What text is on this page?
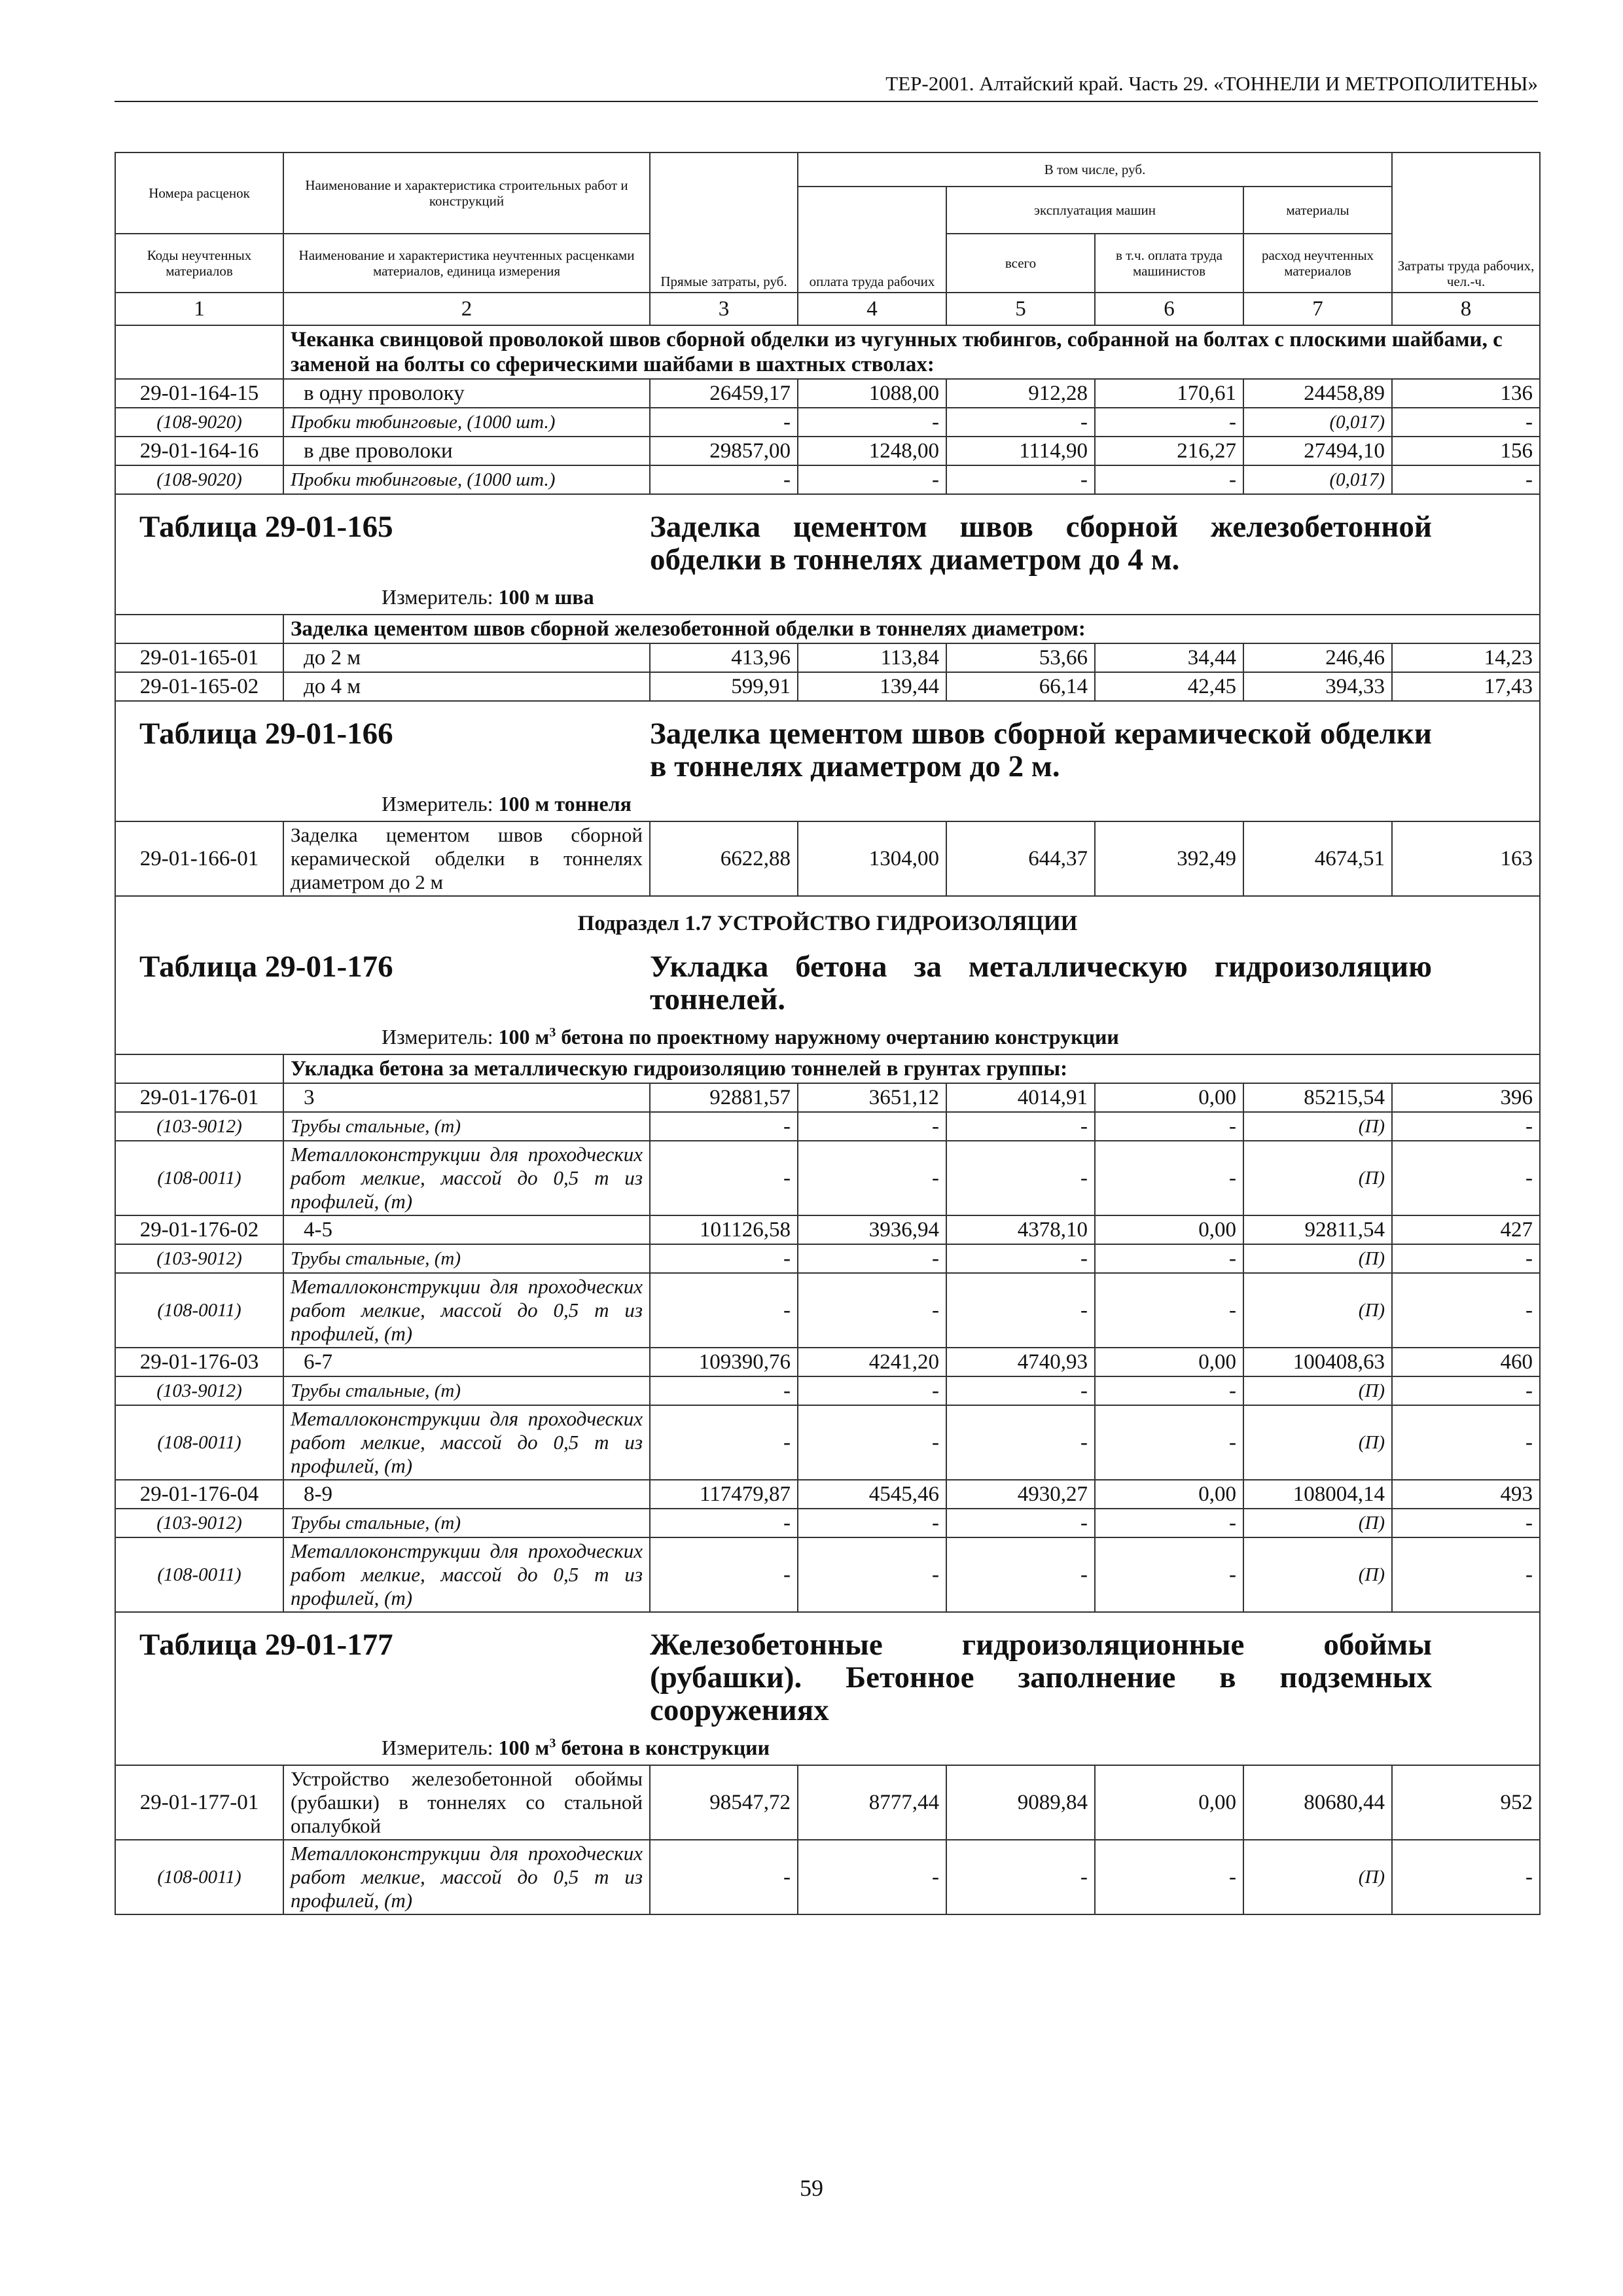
ТЕР-2001. Алтайский край. Часть 29. «ТОННЕЛИ И МЕТРОПОЛИТЕНЫ»
Номера расценок	Наименование и характеристика строительных работ и конструкций	Прямые затраты, руб.	В том числе, руб.				Затраты труда рабочих, чел.-ч.
			оплата труда рабочих	эксплуатация машин		материалы	
Коды неучтенных материалов	Наименование и характеристика неучтенных расценками материалов, единица измерения			всего	в т.ч. оплата труда машинистов	расход неучтенных материалов	
1	2	3	4	5	6	7	8
	Чеканка свинцовой проволокой швов сборной обделки из чугунных тюбингов, собранной на болтах с плоскими шайбами, с заменой на болты со сферическими шайбами в шахтных стволах:						
29-01-164-15	в одну проволоку	26459,17	1088,00	912,28	170,61	24458,89	136
(108-9020)	Пробки тюбинговые, (1000 шт.)	-	-	-	-	(0,017)	-
29-01-164-16	в две проволоки	29857,00	1248,00	1114,90	216,27	27494,10	156
(108-9020)	Пробки тюбинговые, (1000 шт.)	-	-	-	-	(0,017)	-
Таблица 29-01-165 Заделка цементом швов сборной железобетонной обделки в тоннелях диаметром до 4 м.
Измеритель: 100 м шва							

	Заделка цементом швов сборной железобетонной обделки в тоннелях диаметром:						
29-01-165-01	до 2 м	413,96	113,84	53,66	34,44	246,46	14,23
29-01-165-02	до 4 м	599,91	139,44	66,14	42,45	394,33	17,43
Таблица 29-01-166 Заделка цементом швов сборной керамической обделки в тоннелях диаметром до 2 м.
Измеритель: 100 м тоннеля							

29-01-166-01	Заделка цементом швов сборной керамической обделки в тоннелях диаметром до 2 м	6622,88	1304,00	644,37	392,49	4674,51	163
Подраздел 1.7 УСТРОЙСТВО ГИДРОИЗОЛЯЦИИ							
Таблица 29-01-176 Укладка бетона за металлическую гидроизоляцию тоннелей.
Измеритель: 100 $м^3$ бетона по проектному наружному очертанию конструкции							

	Укладка бетона за металлическую гидроизоляцию тоннелей в грунтах группы:						
29-01-176-01	3	92881,57	3651,12	4014,91	0,00	85215,54	396
(103-9012)	Трубы стальные, (т)	-	-	-	-	(П)	-
(108-0011)	Металлоконструкции для проходческих работ мелкие, массой до 0,5 т из профилей, (т)	-	-	-	-	(П)	-
29-01-176-02	4-5	101126,58	3936,94	4378,10	0,00	92811,54	427
(103-9012)	Трубы стальные, (т)	-	-	-	-	(П)	-
(108-0011)	Металлоконструкции для проходческих работ мелкие, массой до 0,5 т из профилей, (т)	-	-	-	-	(П)	-
29-01-176-03	6-7	109390,76	4241,20	4740,93	0,00	100408,63	460
(103-9012)	Трубы стальные, (т)	-	-	-	-	(П)	-
(108-0011)	Металлоконструкции для проходческих работ мелкие, массой до 0,5 т из профилей, (т)	-	-	-	-	(П)	-
29-01-176-04	8-9	117479,87	4545,46	4930,27	0,00	108004,14	493
(103-9012)	Трубы стальные, (т)	-	-	-	-	(П)	-
(108-0011)	Металлоконструкции для проходческих работ мелкие, массой до 0,5 т из профилей, (т)	-	-	-	-	(П)	-
Таблица 29-01-177 Железобетонные гидроизоляционные обоймы (рубашки). Бетонное заполнение в подземных сооружениях
Измеритель: 100 $м^3$ бетона в конструкции							

29-01-177-01	Устройство железобетонной обоймы (рубашки) в тоннелях со стальной опалубкой	98547,72	8777,44	9089,84	0,00	80680,44	952
(108-0011)	Металлоконструкции для проходческих работ мелкие, массой до 0,5 т из профилей, (т)	-	-	-	-	(П)	-
59
